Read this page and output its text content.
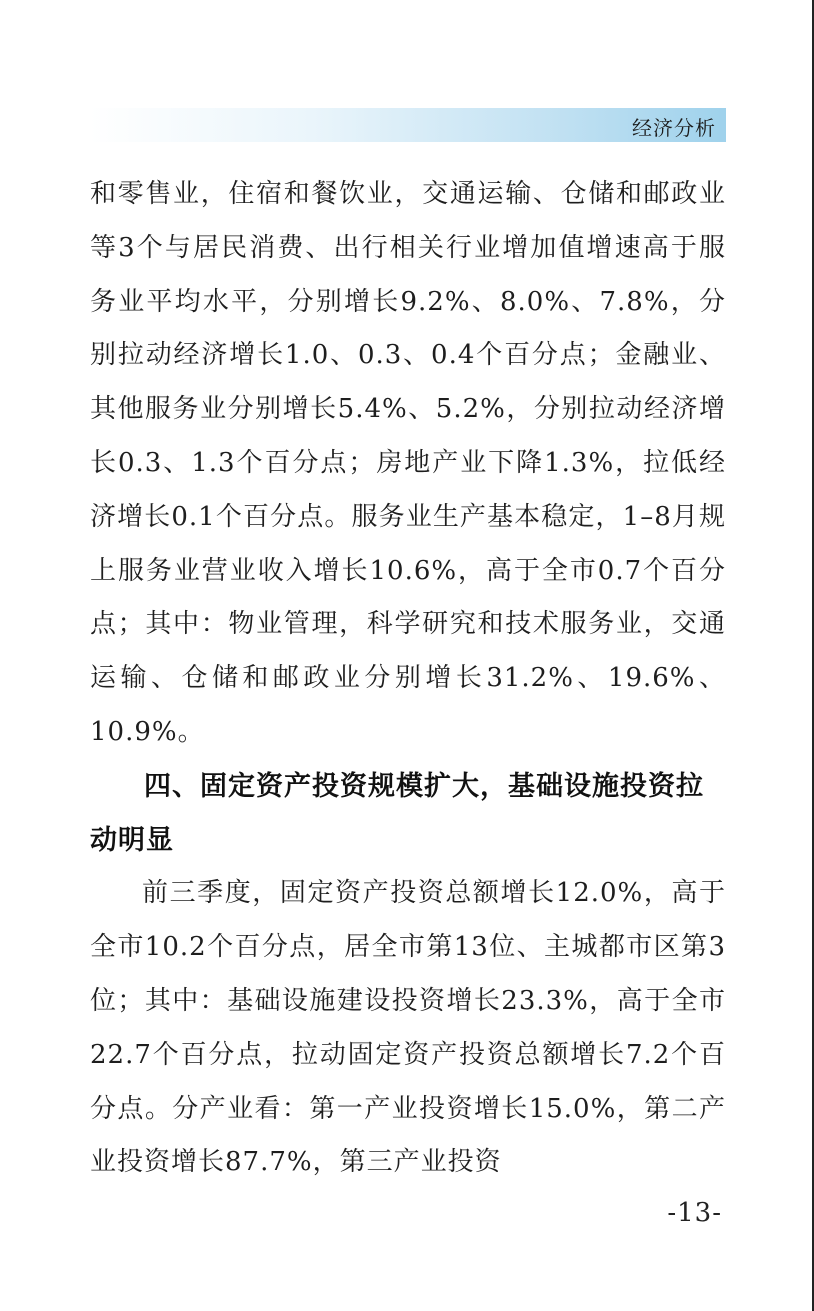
经济分析

和零售业，住宿和餐饮业，交通运输、仓储和邮政业等3个与居民消费、出行相关行业增加值增速高于服务业平均水平，分别增长9.2%、8.0%、7.8%，分别拉动经济增长1.0、0.3、0.4个百分点；金融业、其他服务业分别增长5.4%、5.2%，分别拉动经济增长0.3、1.3个百分点；房地产业下降1.3%，拉低经济增长0.1个百分点。服务业生产基本稳定，1–8月规上服务业营业收入增长10.6%，高于全市0.7个百分点；其中：物业管理，科学研究和技术服务业，交通运输、仓储和邮政业分别增长31.2%、19.6%、10.9%。

四、固定资产投资规模扩大，基础设施投资拉动明显

前三季度，固定资产投资总额增长12.0%，高于全市10.2个百分点，居全市第13位、主城都市区第3位；其中：基础设施建设投资增长23.3%，高于全市22.7个百分点，拉动固定资产投资总额增长7.2个百分点。分产业看：第一产业投资增长15.0%，第二产业投资增长87.7%，第三产业投资

-13-
